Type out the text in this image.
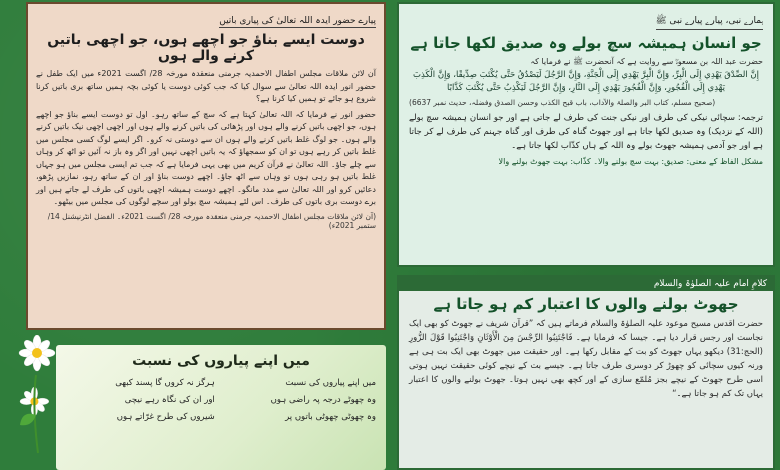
پیارے حضور ایدہ اللہ تعالیٰ کی پیاری باتیں
دوست ایسے بناؤ جو اچھے ہوں، جو اچھی باتیں کرنے والے ہوں
آن لائن ملاقات مجلس اطفال الاحمدیہ جرمنی منعقدہ مورخہ 28/ اگست 2021ء میں ایک طفل نے حضور انور ایدہ اللہ تعالیٰ سے سوال کیا کہ جب کوئی دوست یا کوئی بچہ ہمیں ساتھ بری باتیں کرنا شروع ہو جائے تو ہمیں کیا کرنا ہے؟
حضور انور نے فرمایا کہ اللہ تعالیٰ کہتا ہے کہ سچ کے ساتھ رہو۔ اول تو دوست ایسے بناؤ جو اچھے ہوں، جو اچھی باتیں کرنے والے ہوں اور پڑھائی کی باتیں کرنے والے ہوں اور اچھی اچھی نیک باتیں کرنے والے ہوں۔ جو لوگ غلط باتیں کرنے والے ہوں ان سے دوستی نہ کرو۔ اگر ایسے لوگ کسی مجلس میں غلط باتیں کر رہے ہوں تو ان کو سمجھاؤ کہ یہ باتیں اچھی نہیں اور اگر وہ باز نہ آئیں تو اٹھ کر وہاں سے چلے جاؤ۔ اللہ تعالیٰ نے قرآن کریم میں بھی یہی فرمایا ہے کہ جب تم ایسی مجلس میں ہو جہاں غلط باتیں ہو رہی ہوں تو وہاں سے اٹھ جاؤ۔ اچھے دوست بناؤ اور ان کے ساتھ رہو، نمازیں پڑھو، دعائیں کرو اور اللہ تعالیٰ سے مدد مانگو۔ اچھے دوست ہمیشہ اچھی باتوں کی طرف لے جاتے ہیں اور برے دوست بری باتوں کی طرف۔ اس لئے ہمیشہ سچ بولو اور سچے لوگوں کی مجلس میں بیٹھو۔
(آن لائن ملاقات مجلس اطفال الاحمدیہ جرمنی منعقدہ مورخہ 28/ اگست 2021ء۔ الفضل انٹرنیشنل 14/ ستمبر 2021ء)
ہمارے نبی، پیارے پیارے نبی ﷺ
جو انسان ہمیشہ سچ بولے وہ صدیق لکھا جاتا ہے
حضرت عبد اللہ بن مسعودؓ سے روایت ہے کہ آنحضرت ﷺ نے فرمایا کہ
إِنَّ الصِّدْقَ يَهْدِي إِلَى الْبِرِّ، وَإِنَّ الْبِرَّ يَهْدِي إِلَى الْجَنَّةِ، وَإِنَّ الرَّجُلَ لَيَصْدُقُ حَتَّى يُكْتَبَ صِدِّيقًا، وَإِنَّ الْكَذِبَ يَهْدِي إِلَى الْفُجُورِ، وَإِنَّ الْفُجُورَ يَهْدِي إِلَى النَّارِ، وَإِنَّ الرَّجُلَ لَيَكْذِبُ حَتَّى يُكْتَبَ كَذَّابًا
(صحیح مسلم، کتاب البر والصلۃ والآداب، باب قبح الکذب وحسن الصدق وفضلہ، حدیث نمبر 6637)
ترجمہ: سچائی نیکی کی طرف اور نیکی جنت کی طرف لے جاتی ہے اور جو انسان ہمیشہ سچ بولے (اللہ کے نزدیک) وہ صدیق لکھا جاتا ہے اور جھوٹ گناہ کی طرف اور گناہ جہنم کی طرف لے کر جاتا ہے اور جو آدمی ہمیشہ جھوٹ بولے وہ اللہ کے ہاں کذّاب لکھا جاتا ہے۔
مشکل الفاظ کے معنی: صدیق: بہت سچ بولنے والا۔ کذّاب: بہت جھوٹ بولنے والا
کلامِ امام علیہ الصلوٰۃ والسلام
جھوٹ بولنے والوں کا اعتبار کم ہو جاتا ہے
حضرت اقدس مسیح موعود علیہ الصلوٰۃ والسلام فرماتے ہیں کہ ”قرآن شریف نے جھوٹ کو بھی ایک نجاست اور رجس قرار دیا ہے۔ جیسا کہ فرمایا ہے۔ فَاجْتَنِبُوا الرِّجْسَ مِنَ الْأَوْثَانِ وَاجْتَنِبُوا قَوْلَ الزُّورِ (الحج:31) دیکھو یہاں جھوٹ کو بت کے مقابل رکھا ہے۔ اور حقیقت میں جھوٹ بھی ایک بت ہی ہے ورنہ کیوں سچائی کو چھوڑ کر دوسری طرف جاتا ہے۔ جیسے بت کے نیچے کوئی حقیقت نہیں ہوتی اسی طرح جھوٹ کے نیچے بجز مُلمّع سازی کے اور کچھ بھی نہیں ہوتا۔ جھوٹ بولنے والوں کا اعتبار یہاں تک کم ہو جاتا ہے۔“
میں اپنے پیاروں کی نسبت
میں اپنے پیاروں کی نسبت
وہ چھوٹے درجہ پہ راضی ہوں
وہ چھوٹی چھوٹی باتوں پر
ہرگز نہ کروں گا پسند کبھی
اور ان کی نگاہ رہے نیچی
شیروں کی طرح غرّاتے ہوں
